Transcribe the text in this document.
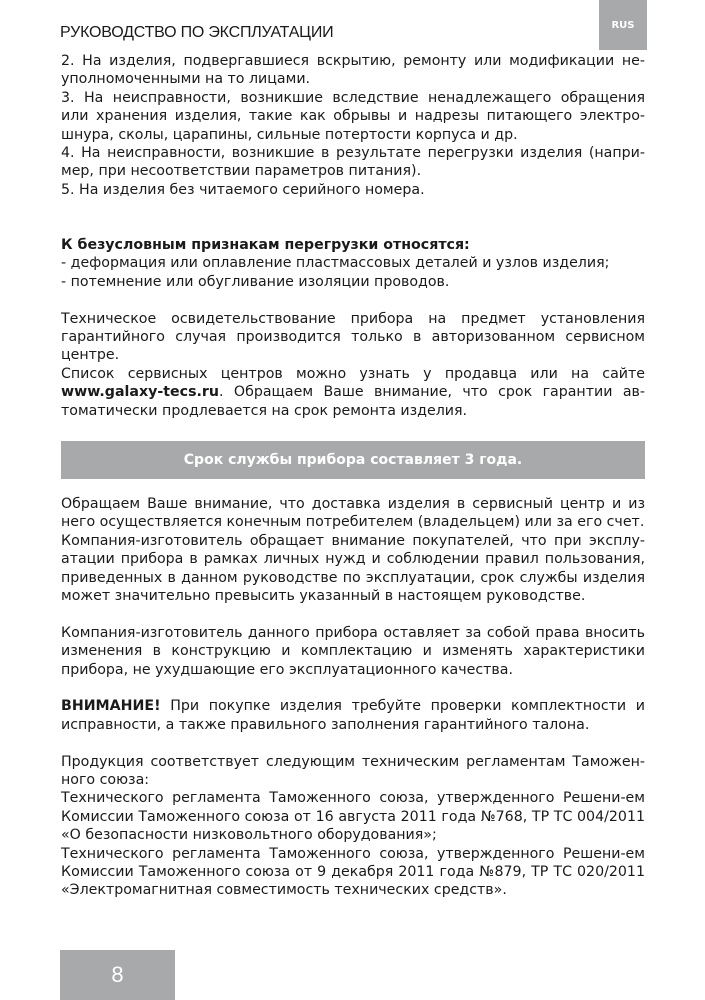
РУКОВОДСТВО ПО ЭКСПЛУАТАЦИИ	RUS

2. На изделия, подвергавшиеся вскрытию, ремонту или модификации не-уполномоченными на то лицами.

3. На неисправности, возникшие вследствие ненадлежащего обращения или хранения изделия, такие как обрывы и надрезы питающего электро-шнура, сколы, царапины, сильные потертости корпуса и др.

4. На неисправности, возникшие в результате перегрузки изделия (напри-мер, при несоответствии параметров питания).

5. На изделия без читаемого серийного номера.

К безусловным признакам перегрузки относятся:

- деформация или оплавление пластмассовых деталей и узлов изделия;

- потемнение или обугливание изоляции проводов.

Техническое освидетельствование прибора на предмет установления гарантийного случая производится только в авторизованном сервисном центре.

Список сервисных центров можно узнать у продавца или на сайте www.galaxy-tecs.ru. Обращаем Ваше внимание, что срок гарантии ав-томатически продлевается на срок ремонта изделия.

Срок службы прибора составляет 3 года.

Обращаем Ваше внимание, что доставка изделия в сервисный центр и из него осуществляется конечным потребителем (владельцем) или за его счет.

Компания-изготовитель обращает внимание покупателей, что при эксплу-атации прибора в рамках личных нужд и соблюдении правил пользования, приведенных в данном руководстве по эксплуатации, срок службы изделия может значительно превысить указанный в настоящем руководстве.

Компания-изготовитель данного прибора оставляет за собой права вносить изменения в конструкцию и комплектацию и изменять характеристики прибора, не ухудшающие его эксплуатационного качества.

ВНИМАНИЕ! При покупке изделия требуйте проверки комплектности и исправности, а также правильного заполнения гарантийного талона.

Продукция соответствует следующим техническим регламентам Таможен-ного союза:

Технического регламента Таможенного союза, утвержденного Решени-ем Комиссии Таможенного союза от 16 августа 2011 года №768, ТР ТС 004/2011 «О безопасности низковольтного оборудования»;

Технического регламента Таможенного союза, утвержденного Решени-ем Комиссии Таможенного союза от 9 декабря 2011 года №879, ТР ТС 020/2011 «Электромагнитная совместимость технических средств».

8
